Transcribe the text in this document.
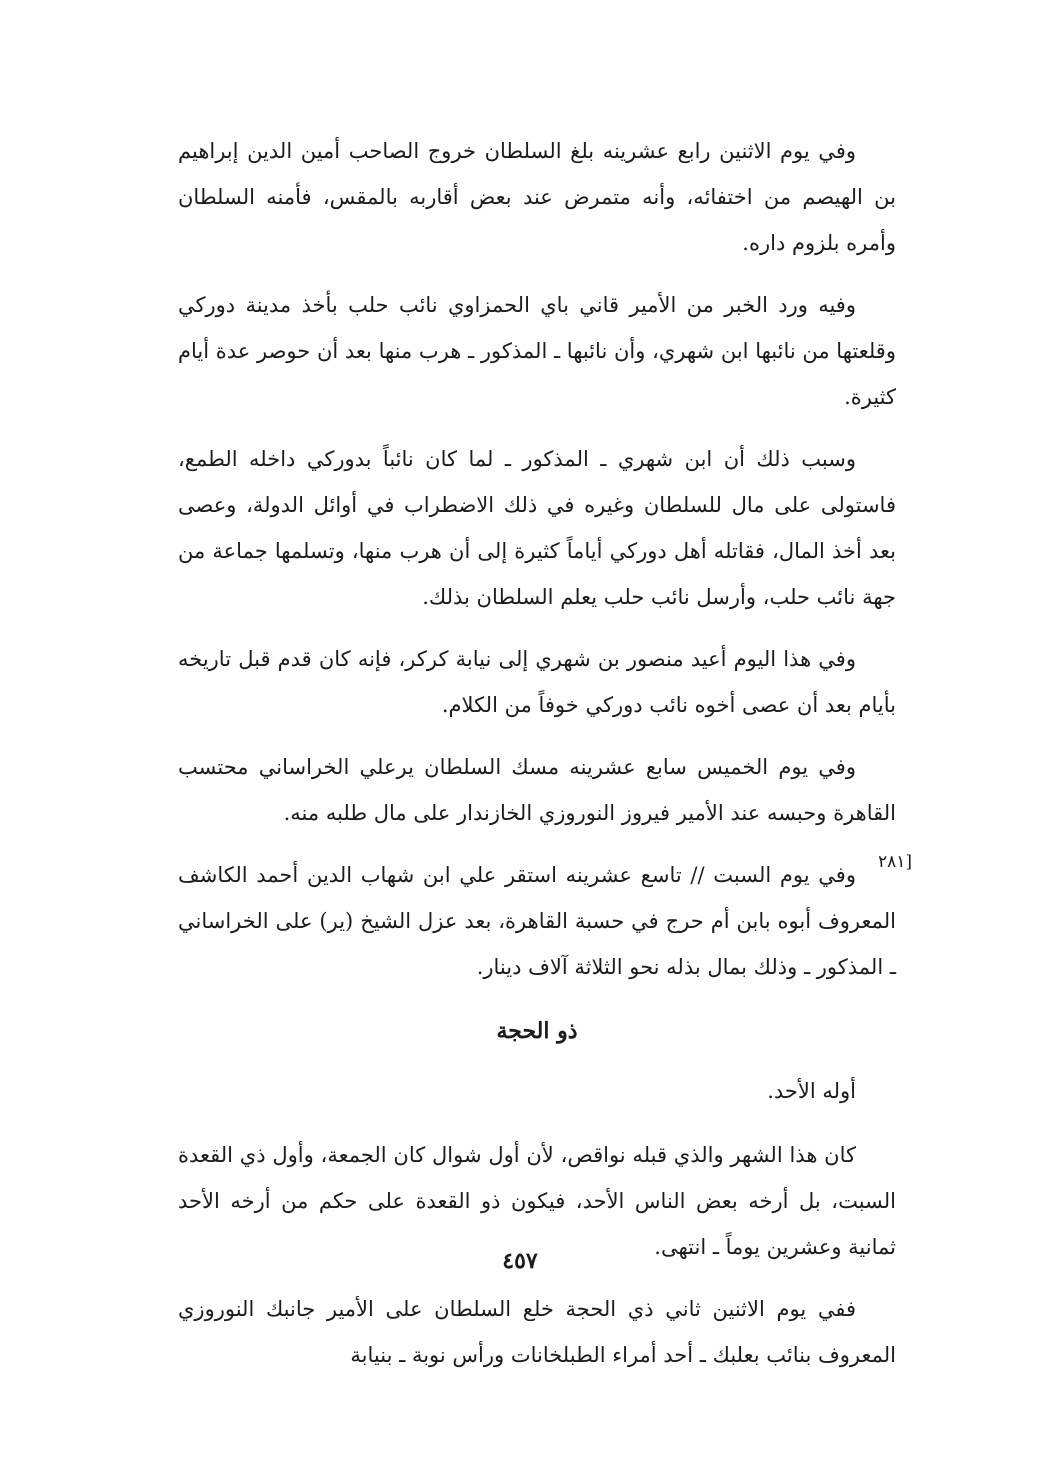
وفي يوم الاثنين رابع عشرينه بلغ السلطان خروج الصاحب أمين الدين إبراهيم بن الهيصم من اختفائه، وأنه متمرض عند بعض أقاربه بالمقس، فأمنه السلطان وأمره بلزوم داره.

وفيه ورد الخبر من الأمير قاني باي الحمزاوي نائب حلب بأخذ مدينة دوركي وقلعتها من نائبها ابن شهري، وأن نائبها ـ المذكور ـ هرب منها بعد أن حوصر عدة أيام كثيرة.

وسبب ذلك أن ابن شهري ـ المذكور ـ لما كان نائباً بدوركي داخله الطمع، فاستولى على مال للسلطان وغيره في ذلك الاضطراب في أوائل الدولة، وعصى بعد أخذ المال، فقاتله أهل دوركي أياماً كثيرة إلى أن هرب منها، وتسلمها جماعة من جهة نائب حلب، وأرسل نائب حلب يعلم السلطان بذلك.

وفي هذا اليوم أعيد منصور بن شهري إلى نيابة كركر، فإنه كان قدم قبل تاريخه بأيام بعد أن عصى أخوه نائب دوركي خوفاً من الكلام.

وفي يوم الخميس سابع عشرينه مسك السلطان يرعلي الخراساني محتسب القاهرة وحبسه عند الأمير فيروز النوروزي الخازندار على مال طلبه منه.

[٢٨١

وفي يوم السبت // تاسع عشرينه استقر علي ابن شهاب الدين أحمد الكاشف المعروف أبوه بابن أم حرج في حسبة القاهرة، بعد عزل الشيخ (ير) على الخراساني ـ المذكور ـ وذلك بمال بذله نحو الثلاثة آلاف دينار.

ذو الحجة

أوله الأحد.

كان هذا الشهر والذي قبله نواقص، لأن أول شوال كان الجمعة، وأول ذي القعدة السبت، بل أرخه بعض الناس الأحد، فيكون ذو القعدة على حكم من أرخه الأحد ثمانية وعشرين يوماً ـ انتهى.

ففي يوم الاثنين ثاني ذي الحجة خلع السلطان على الأمير جانبك النوروزي المعروف بنائب بعلبك ـ أحد أمراء الطبلخانات ورأس نوبة ـ بنيابة

٤٥٧
